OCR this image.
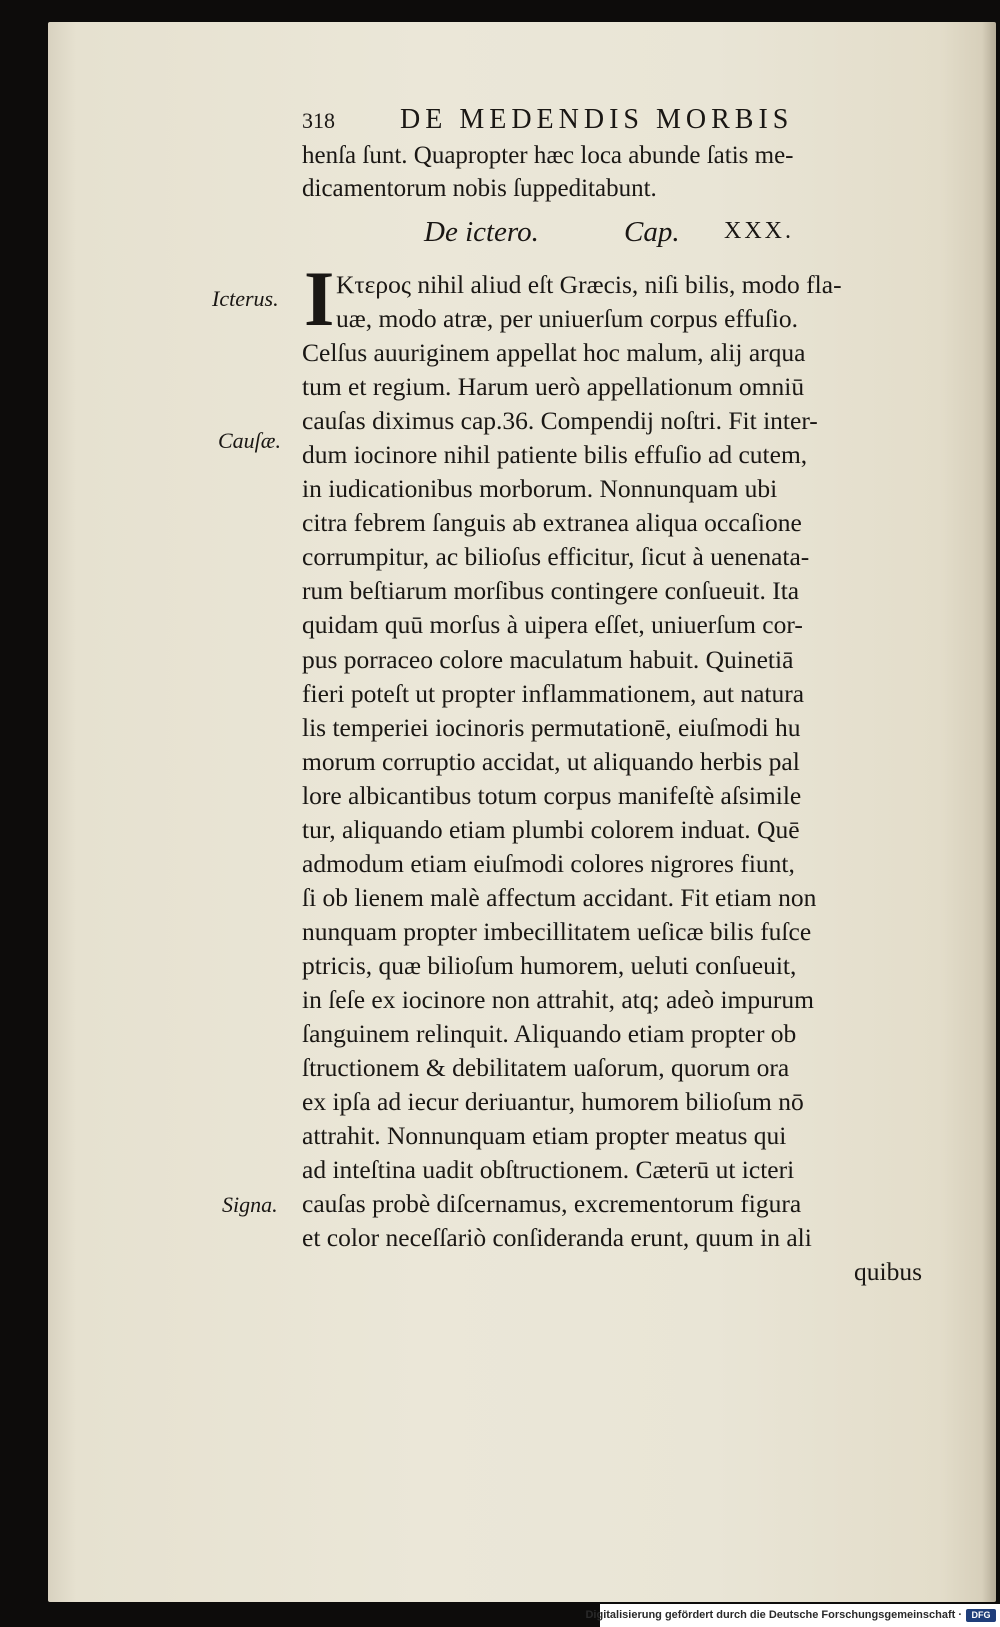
318 DE MEDENDIS MORBIS
henſa ſunt. Quapropter hæc loca abunde ſatis me-
dicamentorum nobis ſuppeditabunt.
De ictero.	Cap. XXX.
I Κτερος nihil aliud eſt Græcis, niſi bilis, modo fla-
uæ, modo atræ, per uniuerſum corpus effuſio.
Celſus auuriginem appellat hoc malum, alij arqua
tum et regium. Harum uerò appellationum omniū
cauſas diximus cap.36. Compendij noſtri. Fit inter-
dum iocinore nihil patiente bilis effuſio ad cutem,
in iudicationibus morborum. Nonnunquam ubi
citra febrem ſanguis ab extranea aliqua occaſione
corrumpitur, ac bilioſus efficitur, ſicut à uenenata-
rum beſtiarum morſibus contingere conſueuit. Ita
quidam quū morſus à uipera eſſet, uniuerſum cor-
pus porraceo colore maculatum habuit. Quinetiā
fieri poteſt ut propter inflammationem, aut natura
lis temperiei iocinoris permutationē, eiuſmodi hu
morum corruptio accidat, ut aliquando herbis pal
lore albicantibus totum corpus manifeſtè aſsimile
tur, aliquando etiam plumbi colorem induat. Quē
admodum etiam eiuſmodi colores nigrores fiunt,
ſi ob lienem malè affectum accidant. Fit etiam non
nunquam propter imbecillitatem ueſicæ bilis fuſce
ptricis, quæ bilioſum humorem, ueluti conſueuit,
in ſeſe ex iocinore non attrahit, atq; adeò impurum
ſanguinem relinquit. Aliquando etiam propter ob
ſtructionem & debilitatem uaſorum, quorum ora
ex ipſa ad iecur deriuantur, humorem bilioſum nō
attrahit. Nonnunquam etiam propter meatus qui
ad inteſtina uadit obſtructionem. Cæterū ut icteri
cauſas probè diſcernamus, excrementorum figura
et color neceſſariò conſideranda erunt, quum in ali
quibus
Icterus.
Cauſæ.
Signa.
Digitalisierung gefördert durch die Deutsche Forschungsgemeinschaft ·	DFG
